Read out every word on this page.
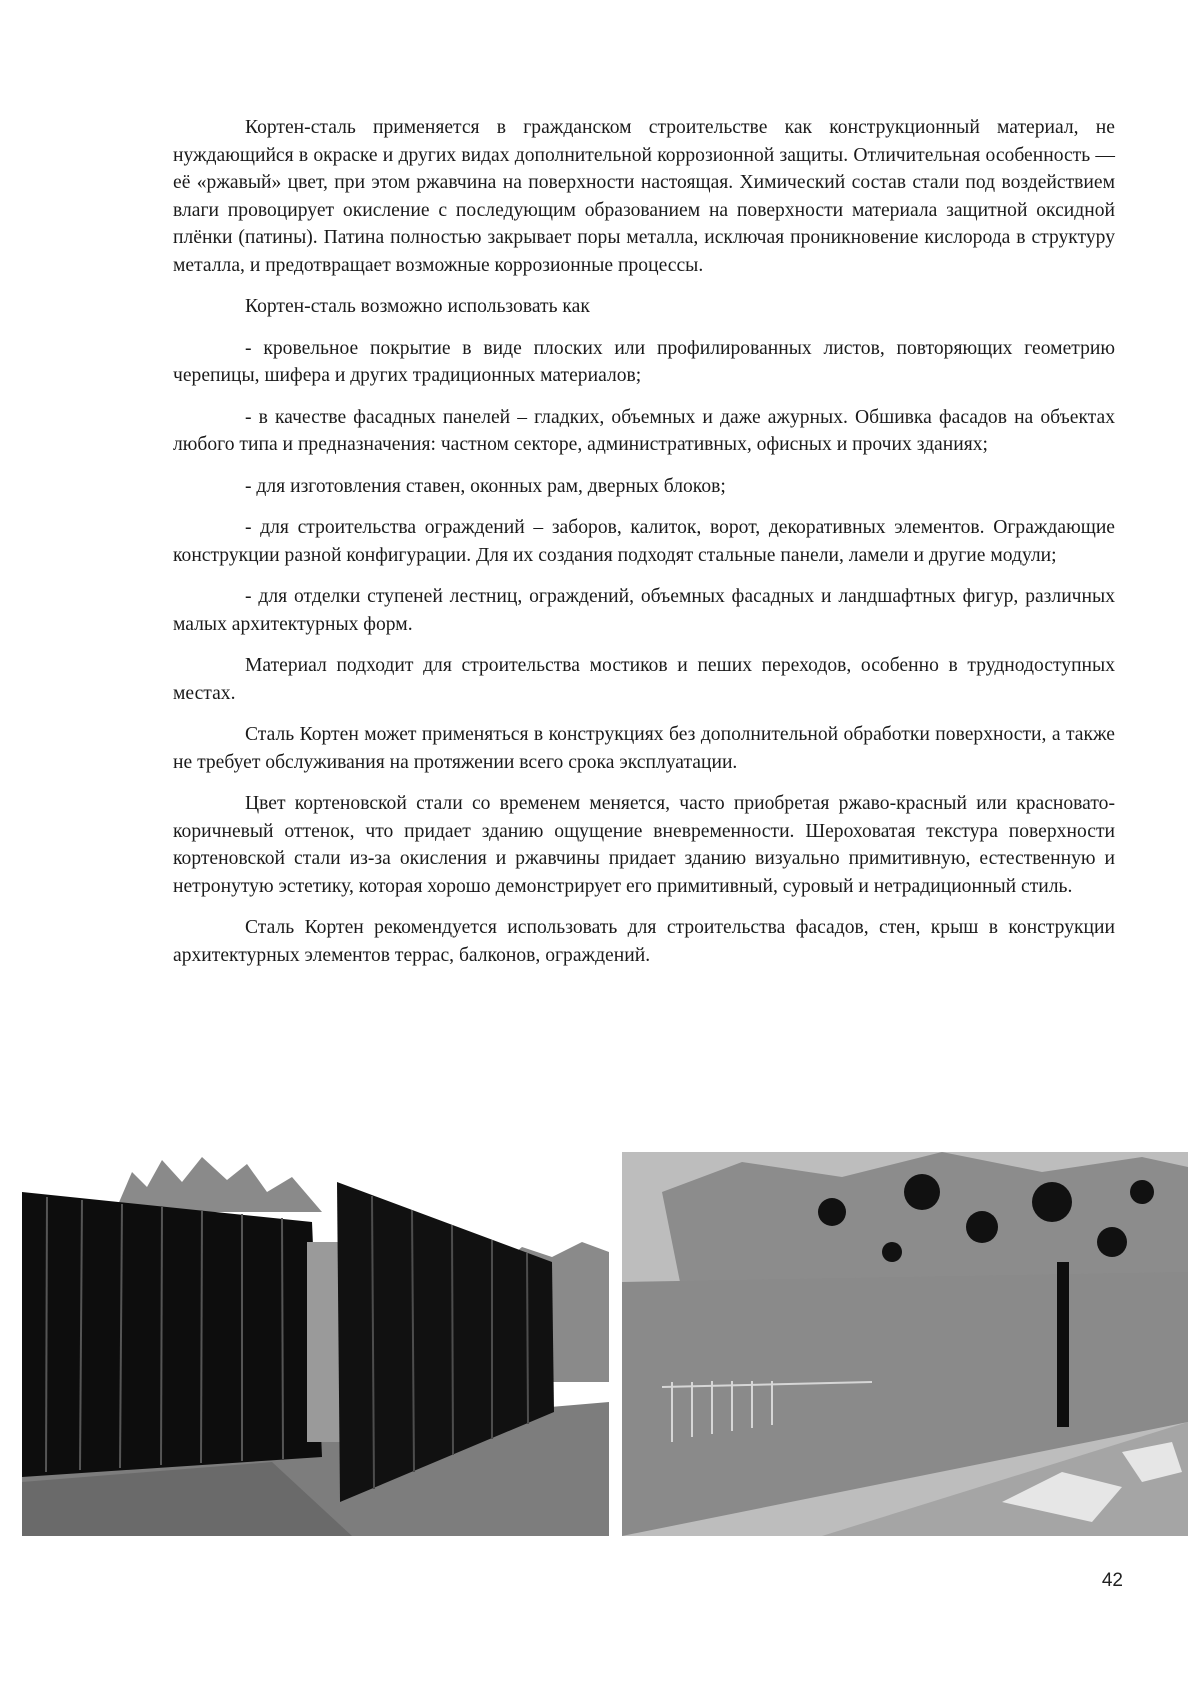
Кортен-сталь применяется в гражданском строительстве как конструкционный материал, не нуждающийся в окраске и других видах дополнительной коррозионной защиты. Отличительная особенность — её «ржавый» цвет, при этом ржавчина на поверхности настоящая. Химический состав стали под воздействием влаги провоцирует окисление с последующим образованием на поверхности материала защитной оксидной плёнки (патины). Патина полностью закрывает поры металла, исключая проникновение кислорода в структуру металла, и предотвращает возможные коррозионные процессы.

Кортен-сталь возможно использовать как

- кровельное покрытие в виде плоских или профилированных листов, повторяющих геометрию черепицы, шифера и других традиционных материалов;

- в качестве фасадных панелей – гладких, объемных и даже ажурных. Обшивка фасадов на объектах любого типа и предназначения: частном секторе, административных, офисных и прочих зданиях;

- для изготовления ставен, оконных рам, дверных блоков;

- для строительства ограждений – заборов, калиток, ворот, декоративных элементов. Ограждающие конструкции разной конфигурации. Для их создания подходят стальные панели, ламели и другие модули;

- для отделки ступеней лестниц, ограждений, объемных фасадных и ландшафтных фигур, различных малых архитектурных форм.

Материал подходит для строительства мостиков и пеших переходов, особенно в труднодоступных местах.

Сталь Кортен может применяться в конструкциях без дополнительной обработки поверхности, а также не требует обслуживания на протяжении всего срока эксплуатации.

Цвет кортеновской стали со временем меняется, часто приобретая ржаво-красный или красновато-коричневый оттенок, что придает зданию ощущение вневременности. Шероховатая текстура поверхности кортеновской стали из-за окисления и ржавчины придает зданию визуально примитивную, естественную и нетронутую эстетику, которая хорошо демонстрирует его примитивный, суровый и нетрадиционный стиль.

Сталь Кортен рекомендуется использовать для строительства фасадов, стен, крыш в конструкции архитектурных элементов террас, балконов, ограждений.

42
